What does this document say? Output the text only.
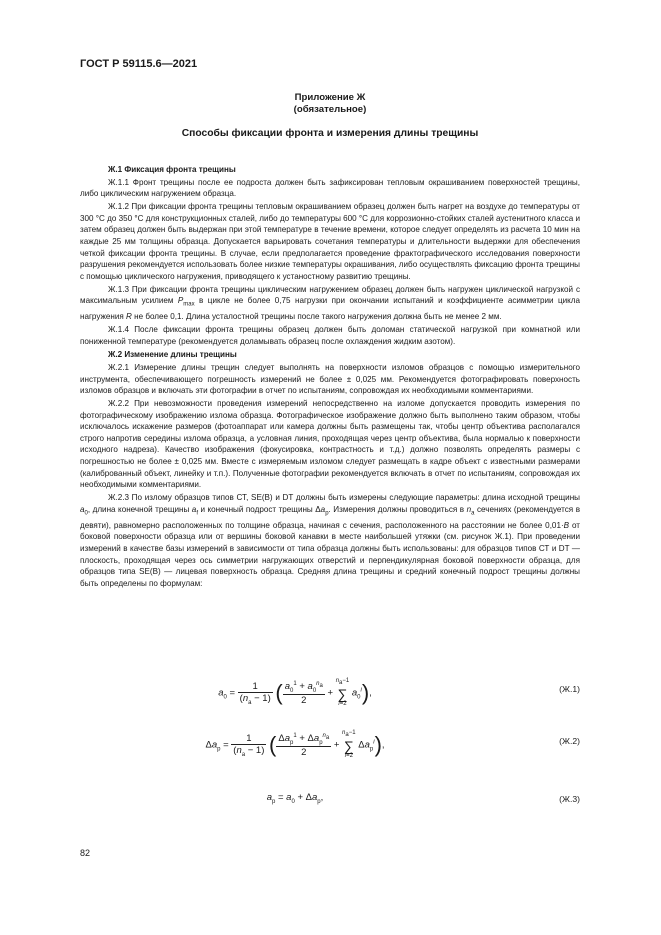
ГОСТ Р 59115.6—2021
Приложение Ж
(обязательное)
Способы фиксации фронта и измерения длины трещины
Ж.1 Фиксация фронта трещины

Ж.1.1 Фронт трещины после ее подроста должен быть зафиксирован тепловым окрашиванием поверхностей трещины, либо циклическим нагружением образца.

Ж.1.2 При фиксации фронта трещины тепловым окрашиванием образец должен быть нагрет на воздухе до температуры от 300 °С до 350 °С для конструкционных сталей, либо до температуры 600 °С для коррозионно-стойких сталей аустенитного класса и затем образец должен быть выдержан при этой температуре в течение времени, которое следует определять из расчета 10 мин на каждые 25 мм толщины образца. Допускается варьировать сочетания температуры и длительности выдержки для обеспечения четкой фиксации фронта трещины. В случае, если предполагается проведение фрактографического исследования поверхности разрушения рекомендуется использовать более низкие температуры окрашивания, либо осуществлять фиксацию фронта трещины с помощью циклического нагружения, приводящего к устаностному развитию трещины.

Ж.1.3 При фиксации фронта трещины циклическим нагружением образец должен быть нагружен циклической нагрузкой с максимальным усилием $P_{max}$ в цикле не более 0,75 нагрузки при окончании испытаний и коэффициенте асимметрии цикла нагружения R не более 0,1. Длина усталостной трещины после такого нагружения должна быть не менее 2 мм.

Ж.1.4 После фиксации фронта трещины образец должен быть доломан статической нагрузкой при комнатной или пониженной температуре (рекомендуется доламывать образец после охлаждения жидким азотом).

Ж.2 Изменение длины трещины

Ж.2.1 Измерение длины трещин следует выполнять на поверхности изломов образцов с помощью измерительного инструмента, обеспечивающего погрешность измерений не более ± 0,025 мм. Рекомендуется фотографировать поверхность изломов образцов и включать эти фотографии в отчет по испытаниям, сопровождая их необходимыми комментариями.

Ж.2.2 При невозможности проведения измерений непосредственно на изломе допускается проводить измерения по фотографическому изображению излома образца. Фотографическое изображение должно быть выполнено таким образом, чтобы исключалось искажение размеров (фотоаппарат или камера должны быть размещены так, чтобы центр объектива располагался строго напротив середины излома образца, а условная линия, проходящая через центр объектива, была нормалью к поверхности исходного надреза). Качество изображения (фокусировка, контрастность и т.д.) должно позволять определять размеры с погрешностью не более ± 0,025 мм. Вместе с измеряемым изломом следует размещать в кадре объект с известными размерами (калиброванный объект, линейку и т.п.). Полученные фотографии рекомендуется включать в отчет по испытаниям, сопровождая их необходимыми комментариями.

Ж.2.3 По излому образцов типов СТ, SE(B) и DT должны быть измерены следующие параметры: длина исходной трещины $a_0$, длина конечной трещины $a_f$ и конечный подрост трещины $\Delta a_p$. Измерения должны проводиться в $n_a$ сечениях (рекомендуется в девяти), равномерно расположенных по толщине образца, начиная с сечения, расположенного на расстоянии не более 0,01·B от боковой поверхности образца или от вершины боковой канавки в месте наибольшей утяжки (см. рисунок Ж.1). При проведении измерений в качестве базы измерений в зависимости от типа образца должны быть использованы: для образцов типов СТ и DT — плоскость, проходящая через ось симметрии нагружающих отверстий и перпендикулярная боковой поверхности образца, для образцов типа SE(B) — лицевая поверхность образца. Средняя длина трещины и средний конечный подрост трещины должны быть определены по формулам:

$a_0 = \frac{1}{(n_a - 1)}$ ( $\frac{a_0^1 + a_0^{n_a}}{2} + n_a-1$
∑
i=2 $a_0^i$),	(Ж.1)
$\Delta a_p = \frac{1}{(n_a - 1)}$ ( $\frac{\Delta a_p^1 + \Delta a_p^{n_a}}{2} + n_a-1$
∑
i=2 $\Delta a_p^i$),	(Ж.2)
$a_p = a_0 + \Delta a_p$,	(Ж.3)
82
